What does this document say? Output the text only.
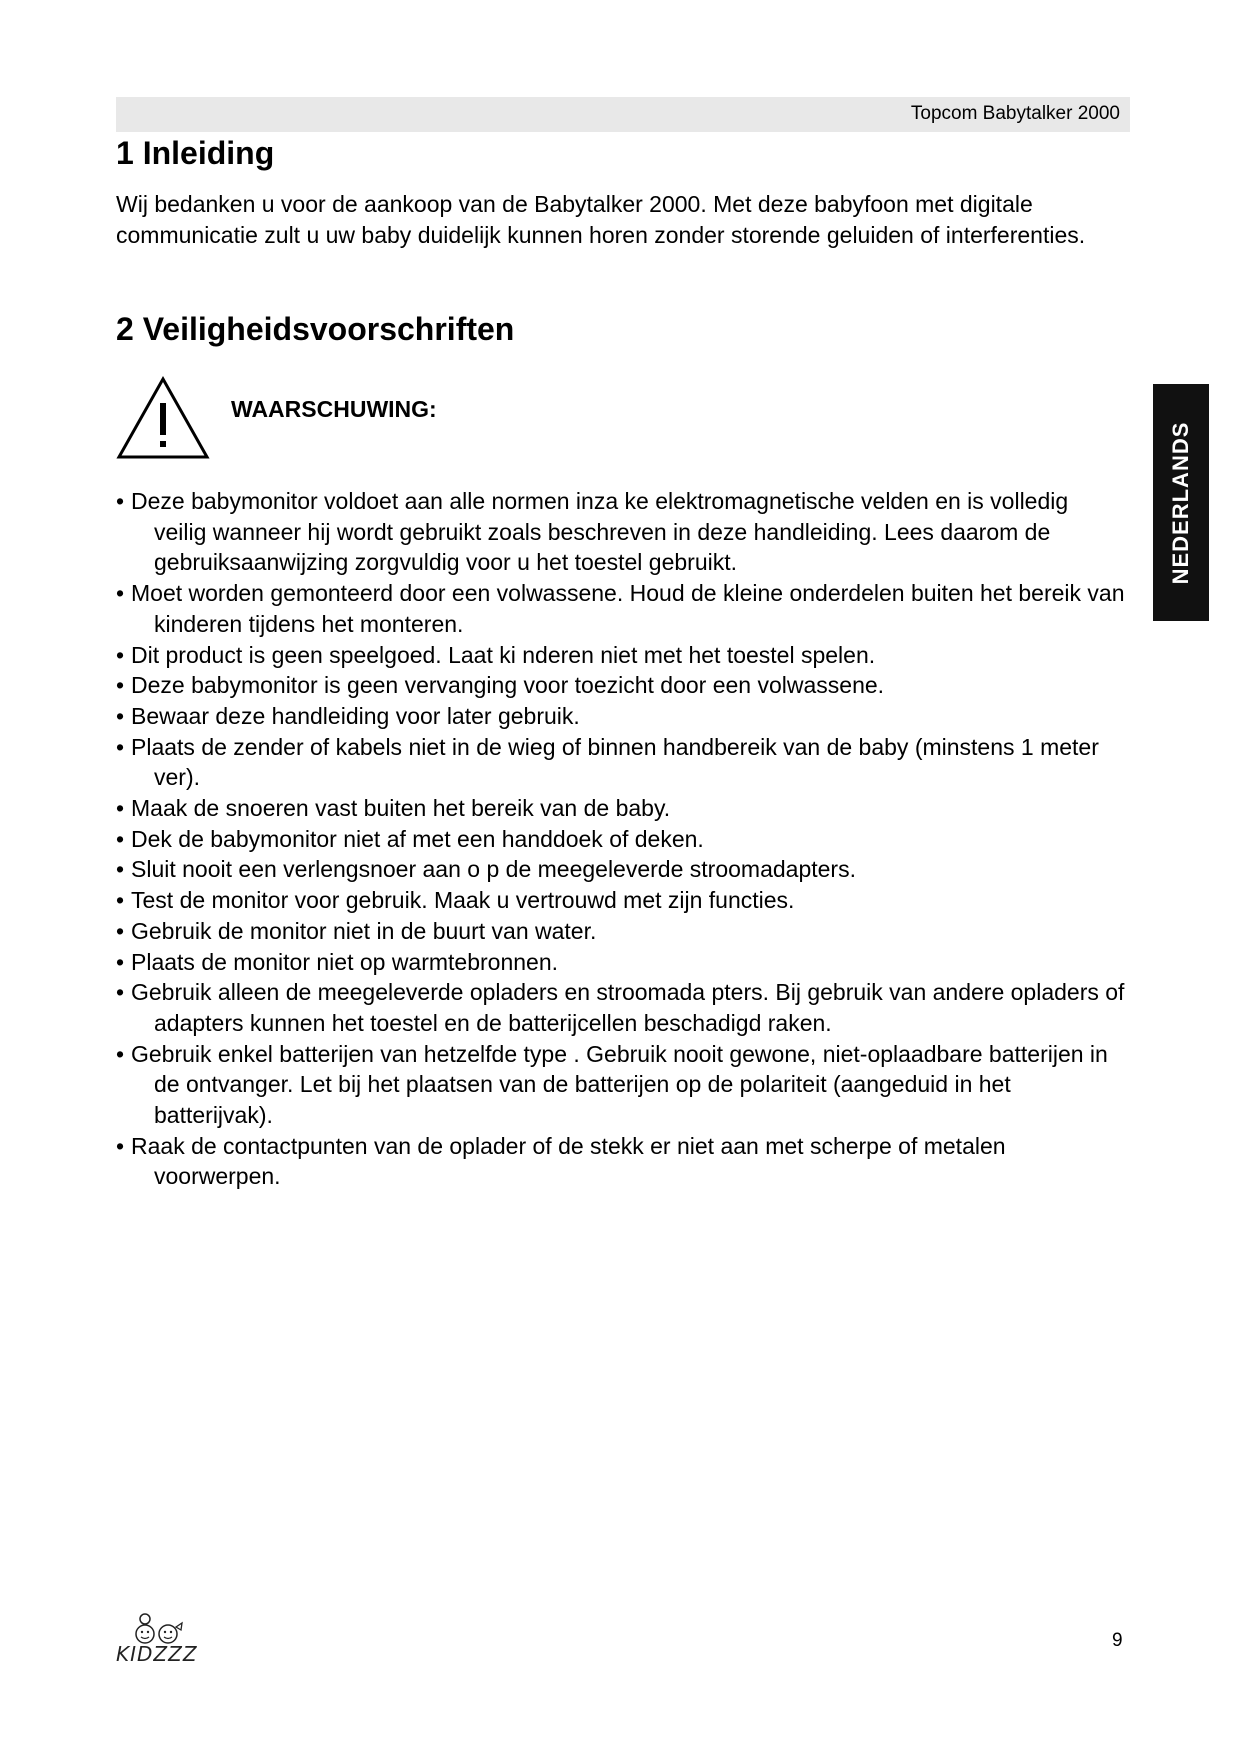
Topcom Babytalker 2000
1 Inleiding

Wij bedanken u voor de aankoop van de Babytalker 2000. Met deze babyfoon met digitale communicatie zult u uw baby duidelijk kunnen horen zonder storende geluiden of interferenties.

2 Veiligheidsvoorschriften
WAARSCHUWING:
• Deze babymonitor voldoet aan alle normen inza ke elektromagnetische velden en is volledig veilig wanneer hij wordt gebruikt zoals beschreven in deze handleiding. Lees daarom de gebruiksaanwijzing zorgvuldig voor u het toestel gebruikt.
• Moet worden gemonteerd door een volwassene. Houd de kleine onderdelen buiten het bereik van kinderen tijdens het monteren.
• Dit product is geen speelgoed. Laat ki nderen niet met het toestel spelen.
• Deze babymonitor is geen vervanging voor toezicht door een volwassene.
• Bewaar deze handleiding voor later gebruik.
• Plaats de zender of kabels niet in de wieg of binnen handbereik van de baby (minstens 1 meter ver).
• Maak de snoeren vast buiten het bereik van de baby.
• Dek de babymonitor niet af met een handdoek of deken.
• Sluit nooit een verlengsnoer aan o p de meegeleverde stroomadapters.
• Test de monitor voor gebruik. Maak u vertrouwd met zijn functies.
• Gebruik de monitor niet in de buurt van water.
• Plaats de monitor niet op warmtebronnen.
• Gebruik alleen de meegeleverde opladers en stroomada pters. Bij gebruik van andere opladers of adapters kunnen het toestel en de batterijcellen beschadigd raken.
• Gebruik enkel batterijen van hetzelfde type . Gebruik nooit gewone, niet-oplaadbare batterijen in de ontvanger. Let bij het plaatsen van de batterijen op de polariteit (aangeduid in het batterijvak).
• Raak de contactpunten van de oplader of de stekk er niet aan met scherpe of metalen voorwerpen.
NEDERLANDS
KIDZZZ
9
